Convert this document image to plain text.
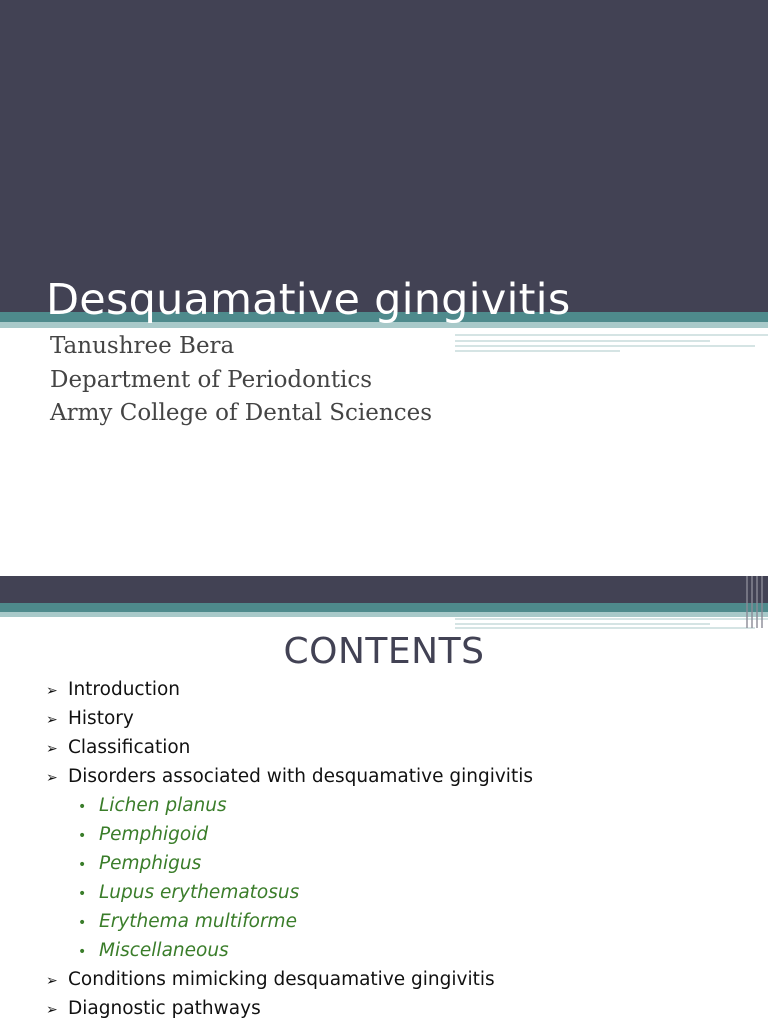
Desquamative gingivitis
Tanushree Bera
Department of Periodontics
Army College of Dental Sciences
CONTENTS
➢ Introduction
➢ History
➢ Classification
➢ Disorders associated with desquamative gingivitis
• Lichen planus
• Pemphigoid
• Pemphigus
• Lupus erythematosus
• Erythema multiforme
• Miscellaneous
➢ Conditions mimicking desquamative gingivitis
➢ Diagnostic pathways
